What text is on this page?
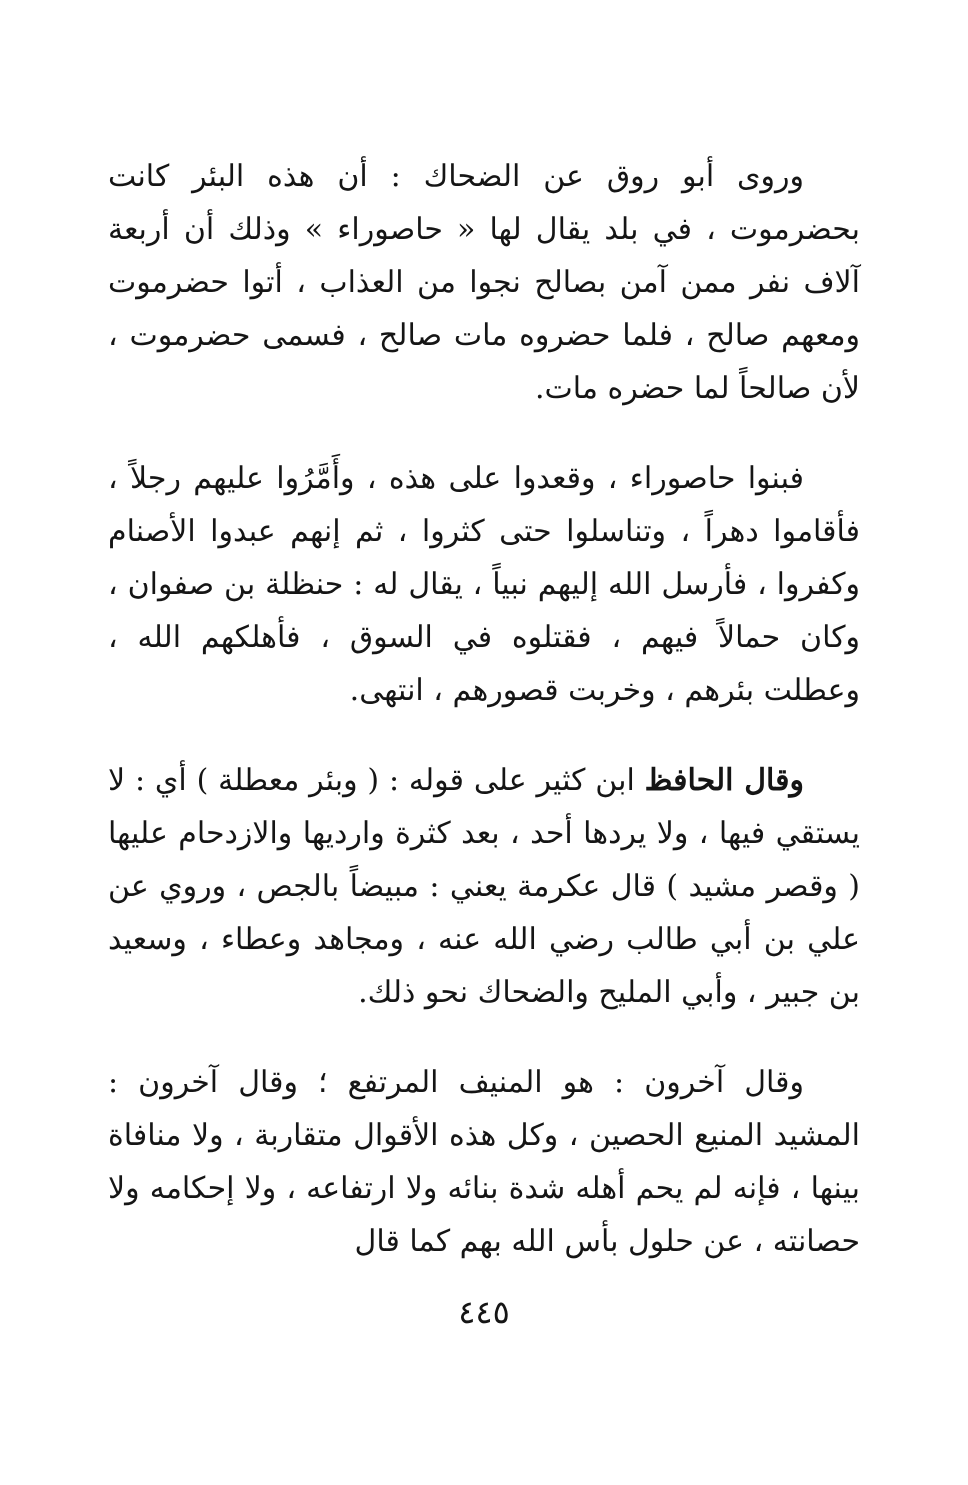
وروى أبو روق عن الضحاك : أن هذه البئر كانت بحضرموت ، في بلد يقال لها « حاصوراء » وذلك أن أربعة آلاف نفر ممن آمن بصالح نجوا من العذاب ، أتوا حضرموت ومعهم صالح ، فلما حضروه مات صالح ، فسمى حضرموت ، لأن صالحاً لما حضره مات.

فبنوا حاصوراء ، وقعدوا على هذه ، وأَمَّرُوا عليهم رجلاً ، فأقاموا دهراً ، وتناسلوا حتى كثروا ، ثم إنهم عبدوا الأصنام وكفروا ، فأرسل الله إليهم نبياً ، يقال له : حنظلة بن صفوان ، وكان حمالاً فيهم ، فقتلوه في السوق ، فأهلكهم الله ، وعطلت بئرهم ، وخربت قصورهم ، انتهى.

وقال الحافظ ابن كثير على قوله : ( وبئر معطلة ) أي : لا يستقي فيها ، ولا يردها أحد ، بعد كثرة وارديها والازدحام عليها ( وقصر مشيد ) قال عكرمة يعني : مبيضاً بالجص ، وروي عن علي بن أبي طالب رضي الله عنه ، ومجاهد وعطاء ، وسعيد بن جبير ، وأبي المليح والضحاك نحو ذلك.

وقال آخرون : هو المنيف المرتفع ؛ وقال آخرون : المشيد المنيع الحصين ، وكل هذه الأقوال متقاربة ، ولا منافاة بينها ، فإنه لم يحم أهله شدة بنائه ولا ارتفاعه ، ولا إحكامه ولا حصانته ، عن حلول بأس الله بهم كما قال

٤٤٥
